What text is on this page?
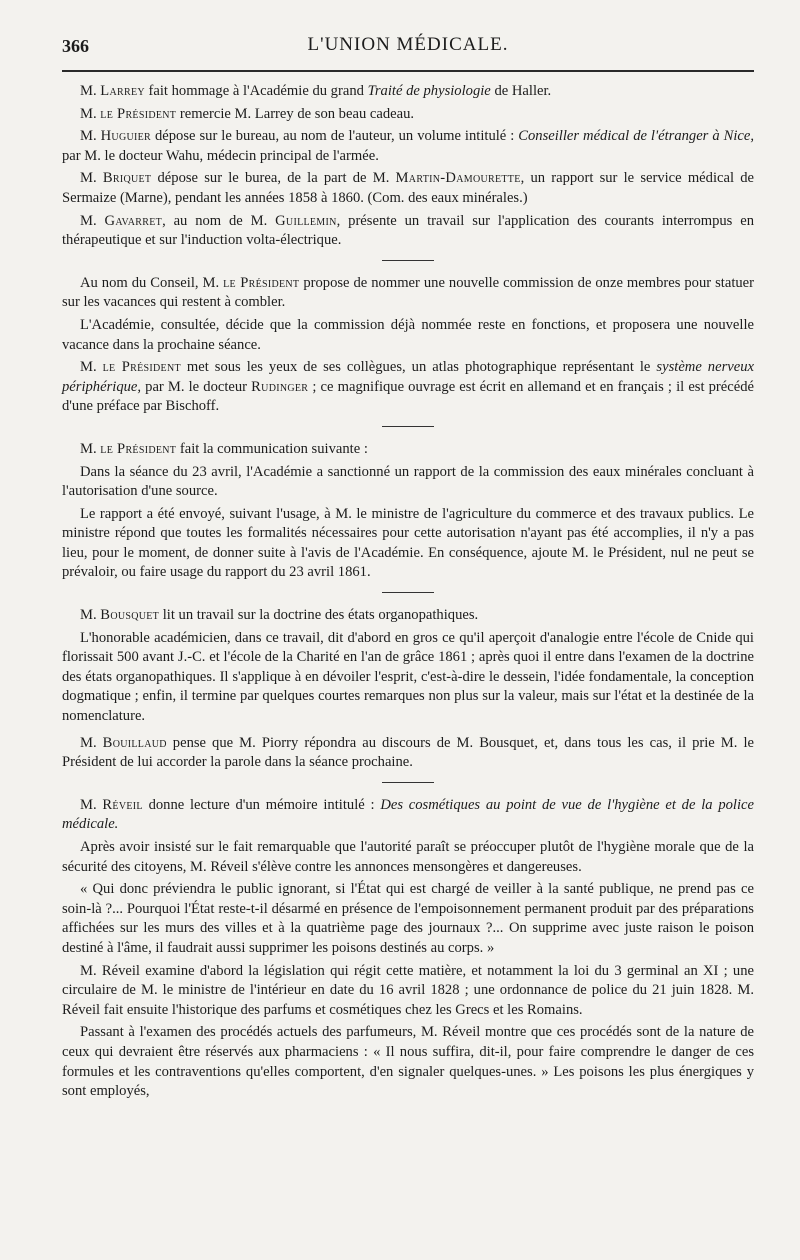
366	L'UNION MÉDICALE.

M. Larrey fait hommage à l'Académie du grand Traité de physiologie de Haller.

M. le Président remercie M. Larrey de son beau cadeau.

M. Huguier dépose sur le bureau, au nom de l'auteur, un volume intitulé : Conseiller médical de l'étranger à Nice, par M. le docteur Wahu, médecin principal de l'armée.

M. Briquet dépose sur le burea, de la part de M. Martin-Damourette, un rapport sur le service médical de Sermaize (Marne), pendant les années 1858 à 1860. (Com. des eaux minérales.)

M. Gavarret, au nom de M. Guillemin, présente un travail sur l'application des courants interrompus en thérapeutique et sur l'induction volta-électrique.

Au nom du Conseil, M. le Président propose de nommer une nouvelle commission de onze membres pour statuer sur les vacances qui restent à combler.

L'Académie, consultée, décide que la commission déjà nommée reste en fonctions, et proposera une nouvelle vacance dans la prochaine séance.

M. le Président met sous les yeux de ses collègues, un atlas photographique représentant le système nerveux périphérique, par M. le docteur Rudinger ; ce magnifique ouvrage est écrit en allemand et en français ; il est précédé d'une préface par Bischoff.

M. le Président fait la communication suivante :

Dans la séance du 23 avril, l'Académie a sanctionné un rapport de la commission des eaux minérales concluant à l'autorisation d'une source.

Le rapport a été envoyé, suivant l'usage, à M. le ministre de l'agriculture du commerce et des travaux publics. Le ministre répond que toutes les formalités nécessaires pour cette autorisation n'ayant pas été accomplies, il n'y a pas lieu, pour le moment, de donner suite à l'avis de l'Académie. En conséquence, ajoute M. le Président, nul ne peut se prévaloir, ou faire usage du rapport du 23 avril 1861.

M. Bousquet lit un travail sur la doctrine des états organopathiques.

L'honorable académicien, dans ce travail, dit d'abord en gros ce qu'il aperçoit d'analogie entre l'école de Cnide qui florissait 500 avant J.-C. et l'école de la Charité en l'an de grâce 1861 ; après quoi il entre dans l'examen de la doctrine des états organopathiques. Il s'applique à en dévoiler l'esprit, c'est-à-dire le dessein, l'idée fondamentale, la conception dogmatique ; enfin, il termine par quelques courtes remarques non plus sur la valeur, mais sur l'état et la destinée de la nomenclature.

M. Bouillaud pense que M. Piorry répondra au discours de M. Bousquet, et, dans tous les cas, il prie M. le Président de lui accorder la parole dans la séance prochaine.

M. Réveil donne lecture d'un mémoire intitulé : Des cosmétiques au point de vue de l'hygiène et de la police médicale.

Après avoir insisté sur le fait remarquable que l'autorité paraît se préoccuper plutôt de l'hygiène morale que de la sécurité des citoyens, M. Réveil s'élève contre les annonces mensongères et dangereuses.

« Qui donc préviendra le public ignorant, si l'État qui est chargé de veiller à la santé publique, ne prend pas ce soin-là ?... Pourquoi l'État reste-t-il désarmé en présence de l'empoisonnement permanent produit par des préparations affichées sur les murs des villes et à la quatrième page des journaux ?... On supprime avec juste raison le poison destiné à l'âme, il faudrait aussi supprimer les poisons destinés au corps. »

M. Réveil examine d'abord la législation qui régit cette matière, et notamment la loi du 3 germinal an XI ; une circulaire de M. le ministre de l'intérieur en date du 16 avril 1828 ; une ordonnance de police du 21 juin 1828. M. Réveil fait ensuite l'historique des parfums et cosmétiques chez les Grecs et les Romains.

Passant à l'examen des procédés actuels des parfumeurs, M. Réveil montre que ces procédés sont de la nature de ceux qui devraient être réservés aux pharmaciens : « Il nous suffira, dit-il, pour faire comprendre le danger de ces formules et les contraventions qu'elles comportent, d'en signaler quelques-unes. » Les poisons les plus énergiques y sont employés,
